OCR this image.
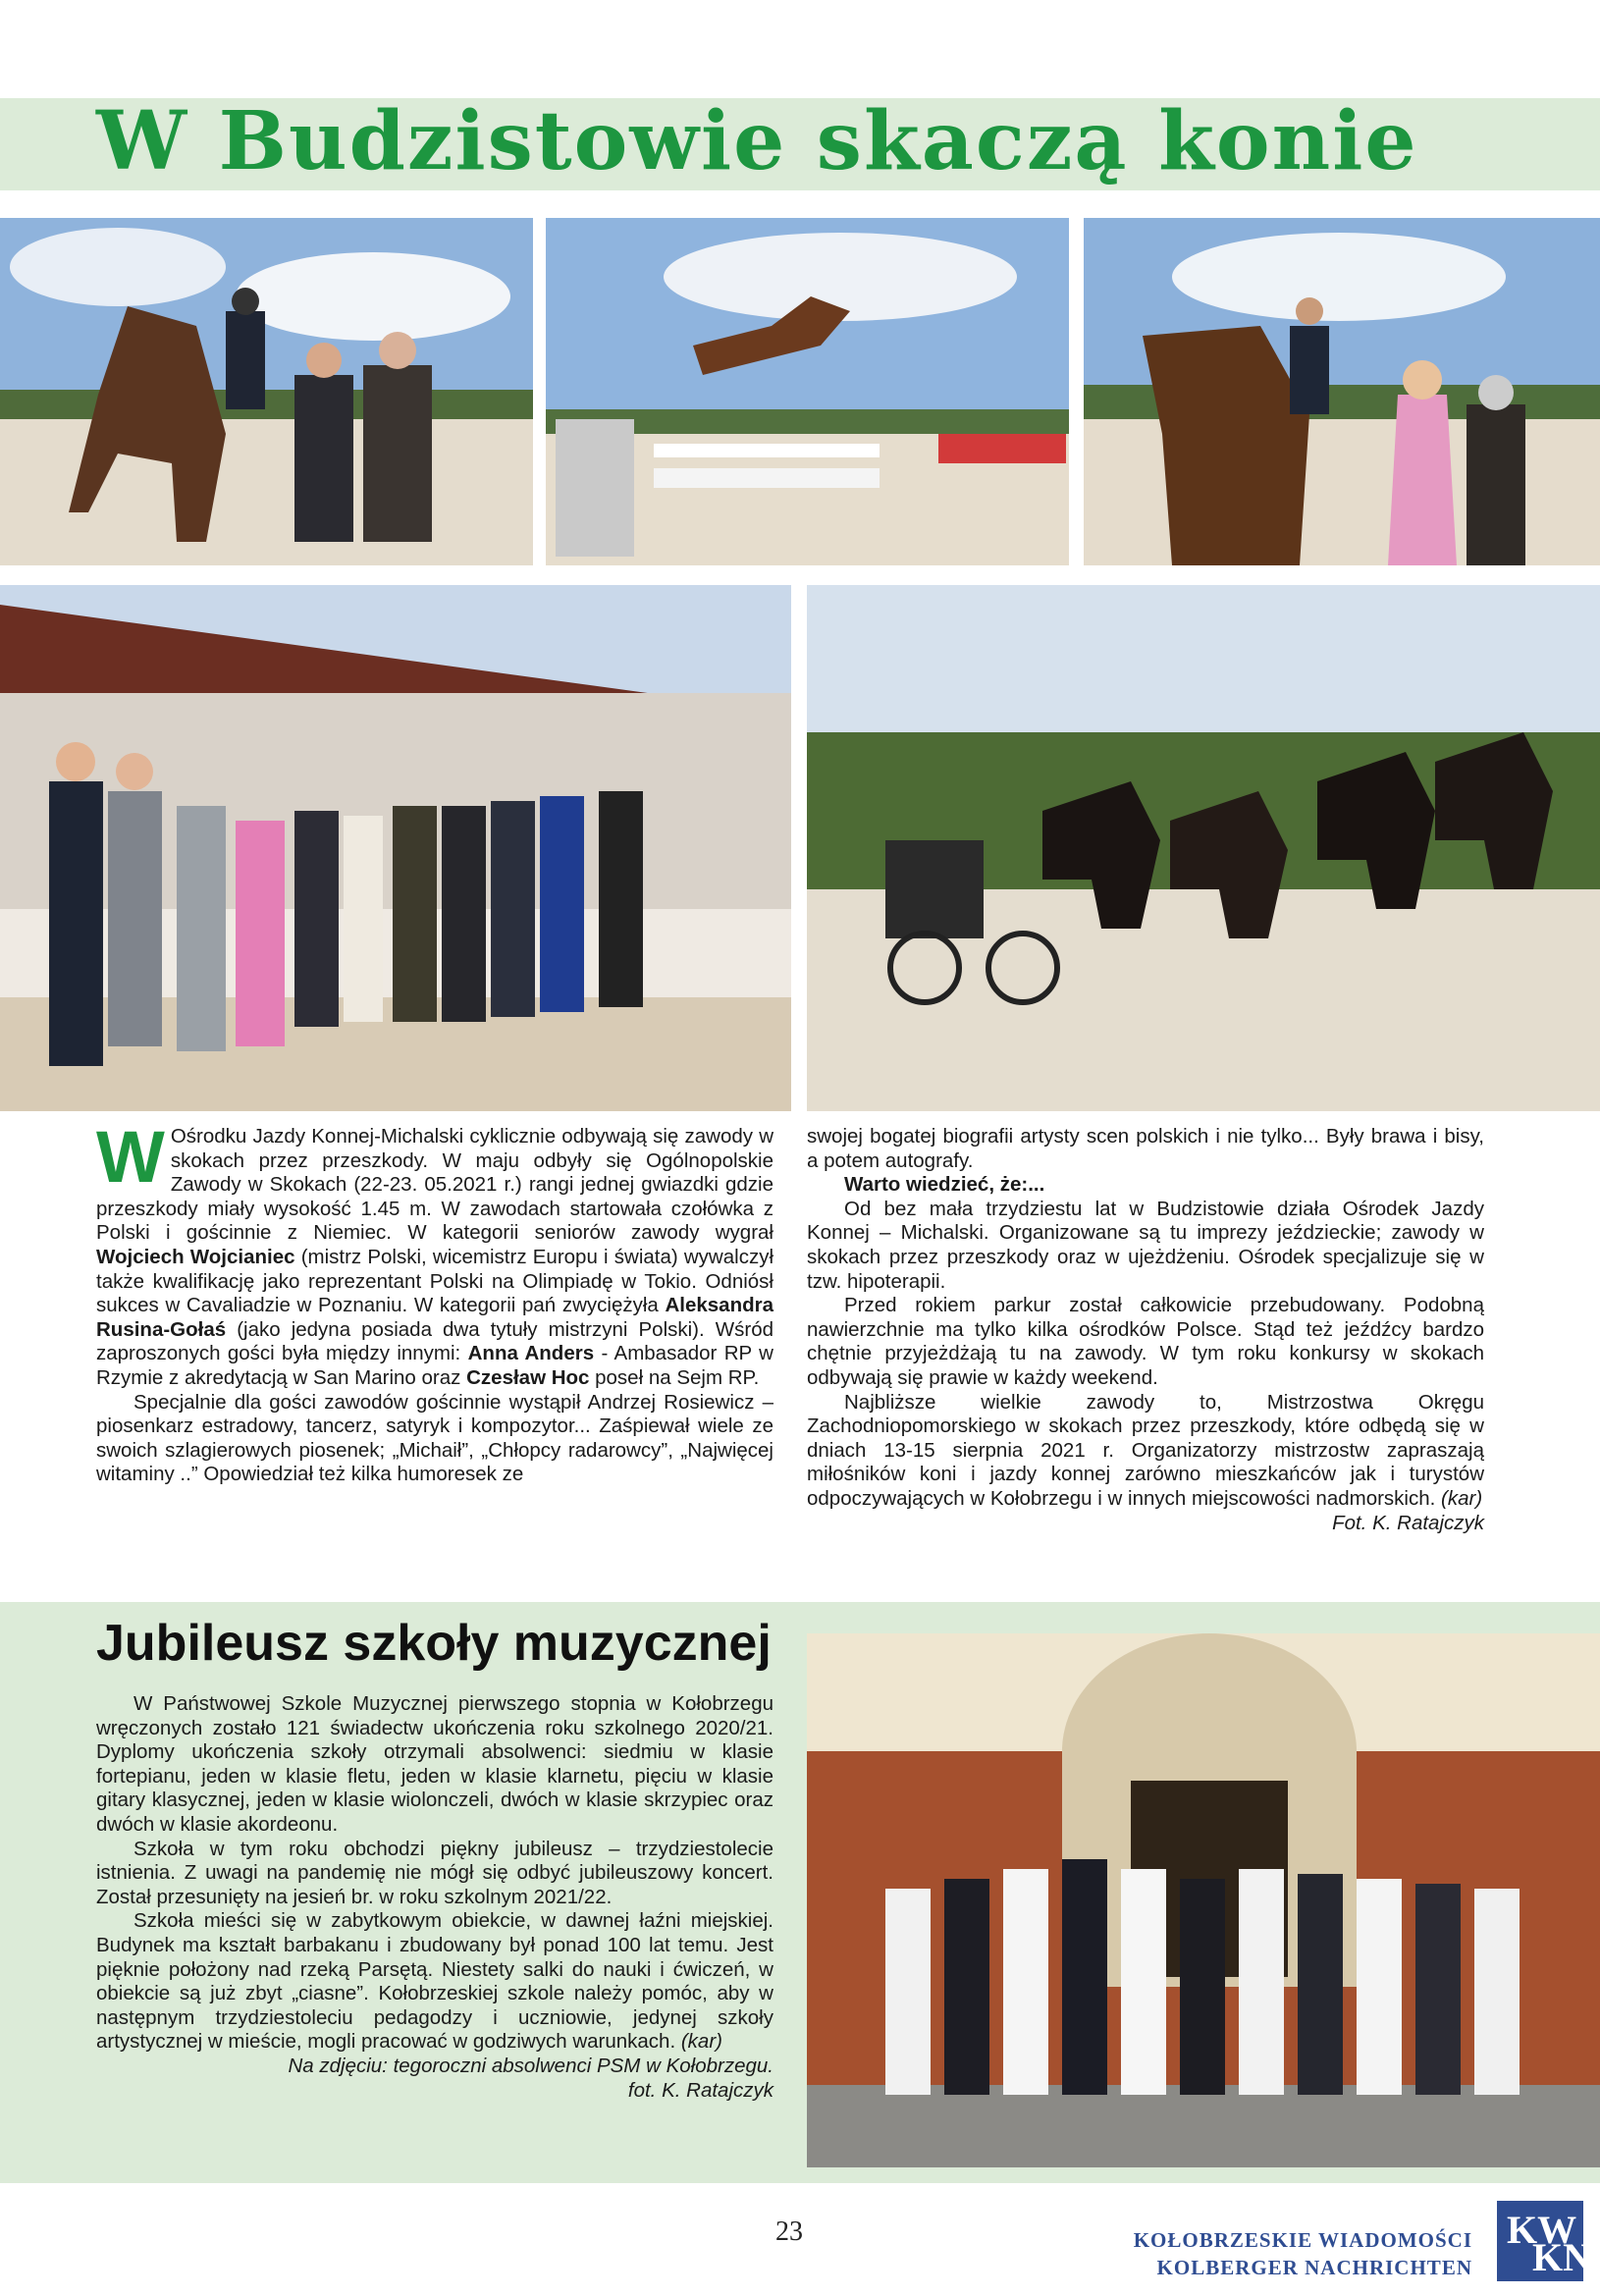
W Budzistowie skaczą konie

W Ośrodku Jazdy Konnej-Michalski cyklicznie odbywają się zawody w skokach przez przeszkody. W maju odbyły się Ogólnopolskie Zawody w Skokach (22-23. 05.2021 r.) rangi jednej gwiazdki gdzie przeszkody miały wysokość 1.45 m. W zawodach startowała czołówka z Polski i gościnnie z Niemiec. W kategorii seniorów zawody wygrał Wojciech Wojcianiec (mistrz Polski, wicemistrz Europu i świata) wywalczył także kwalifikację jako reprezentant Polski na Olimpiadę w Tokio. Odniósł sukces w Cavaliadzie w Poznaniu. W kategorii pań zwyciężyła Aleksandra Rusina-Gołaś (jako jedyna posiada dwa tytuły mistrzyni Polski). Wśród zaproszonych gości była między innymi: Anna Anders - Ambasador RP w Rzymie z akredytacją w San Marino oraz Czesław Hoc poseł na Sejm RP.

Specjalnie dla gości zawodów gościnnie wystąpił Andrzej Rosiewicz – piosenkarz estradowy, tancerz, satyryk i kompozytor... Zaśpiewał wiele ze swoich szlagierowych piosenek; „Michaił”, „Chłopcy radarowcy”, „Najwięcej witaminy ..” Opowiedział też kilka humoresek ze

swojej bogatej biografii artysty scen polskich i nie tylko... Były brawa i bisy, a potem autografy.

Warto wiedzieć, że:...

Od bez mała trzydziestu lat w Budzistowie działa Ośrodek Jazdy Konnej – Michalski. Organizowane są tu imprezy jeździeckie; zawody w skokach przez przeszkody oraz w ujeżdżeniu. Ośrodek specjalizuje się w tzw. hipoterapii.

Przed rokiem parkur został całkowicie przebudowany. Podobną nawierzchnie ma tylko kilka ośrodków Polsce. Stąd też jeźdźcy bardzo chętnie przyjeżdżają tu na zawody. W tym roku konkursy w skokach odbywają się prawie w każdy weekend.

Najbliższe wielkie zawody to, Mistrzostwa Okręgu Zachodniopomorskiego w skokach przez przeszkody, które odbędą się w dniach 13-15 sierpnia 2021 r. Organizatorzy mistrzostw zapraszają miłośników koni i jazdy konnej zarówno mieszkańców jak i turystów odpoczywających w Kołobrzegu i w innych miejscowości nadmorskich. (kar)

Fot. K. Ratajczyk

Jubileusz szkoły muzycznej

W Państwowej Szkole Muzycznej pierwszego stopnia w Kołobrzegu wręczonych zostało 121 świadectw ukończenia roku szkolnego 2020/21. Dyplomy ukończenia szkoły otrzymali absolwenci: siedmiu w klasie fortepianu, jeden w klasie fletu, jeden w klasie klarnetu, pięciu w klasie gitary klasycznej, jeden w klasie wiolonczeli, dwóch w klasie skrzypiec oraz dwóch w klasie akordeonu.

Szkoła w tym roku obchodzi piękny jubileusz – trzydziestolecie istnienia. Z uwagi na pandemię nie mógł się odbyć jubileuszowy koncert. Został przesunięty na jesień br. w roku szkolnym 2021/22.

Szkoła mieści się w zabytkowym obiekcie, w dawnej łaźni miejskiej. Budynek ma kształt barbakanu i zbudowany był ponad 100 lat temu. Jest pięknie położony nad rzeką Parsętą. Niestety salki do nauki i ćwiczeń, w obiekcie są już zbyt „ciasne”. Kołobrzeskiej szkole należy pomóc, aby w następnym trzydziestoleciu pedagodzy i uczniowie, jedynej szkoły artystycznej w mieście, mogli pracować w godziwych warunkach. (kar)

Na zdjęciu: tegoroczni absolwenci PSM w Kołobrzegu.

fot. K. Ratajczyk

23	KOŁOBRZESKIE WIADOMOŚCI
KOLBERGER NACHRICHTEN
KW
KN
